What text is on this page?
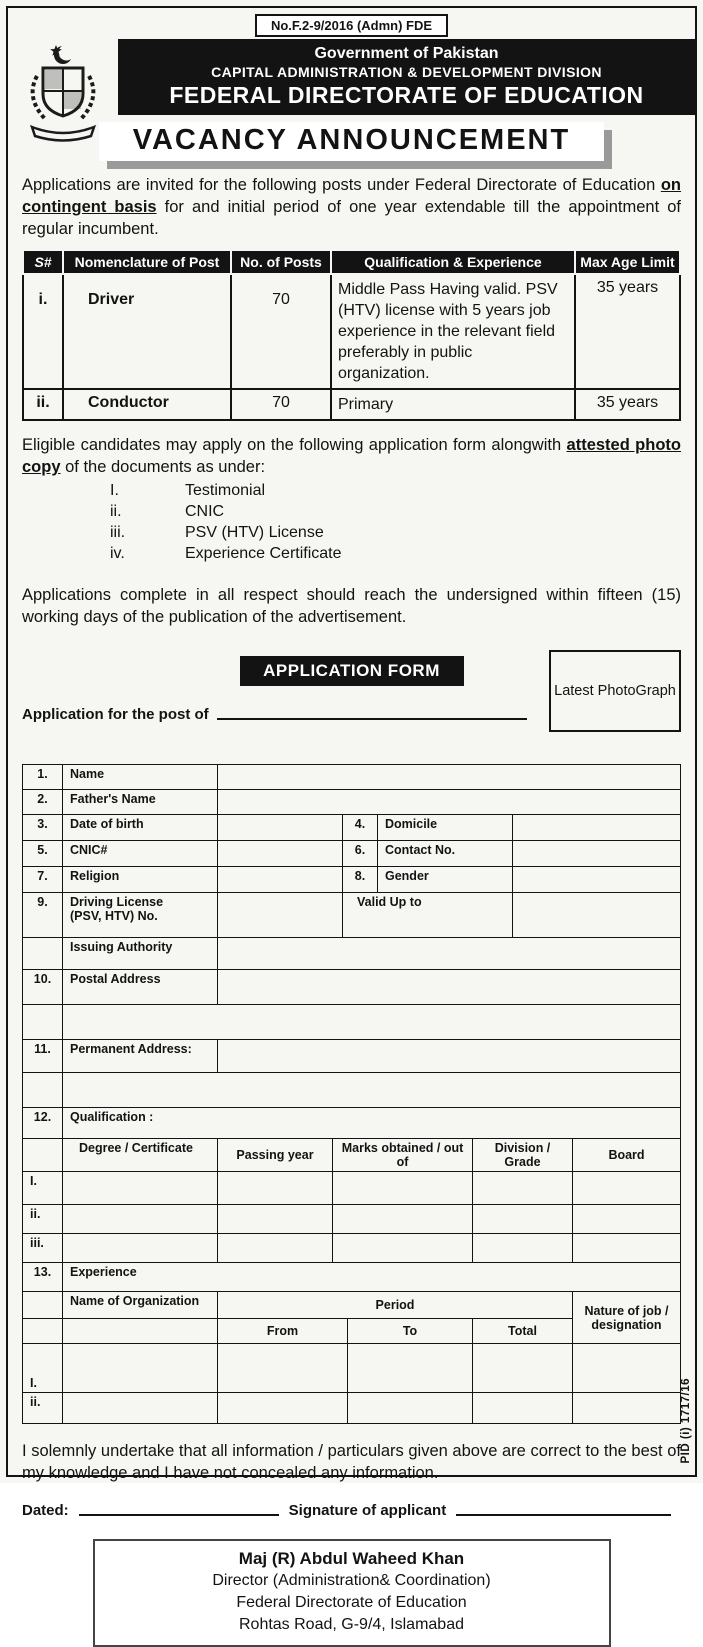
No.F.2-9/2016 (Admn) FDE
Government of Pakistan
CAPITAL ADMINISTRATION & DEVELOPMENT DIVISION
FEDERAL DIRECTORATE OF EDUCATION
VACANCY ANNOUNCEMENT

Applications are invited for the following posts under Federal Directorate of Education on contingent basis for and initial period of one year extendable till the appointment of regular incumbent.

S#	Nomenclature of Post	No. of Posts	Qualification & Experience	Max Age Limit
i.	Driver	70	Middle Pass Having valid. PSV (HTV) license with 5 years job experience in the relevant field preferably in public organization.	35 years
ii.	Conductor	70	Primary	35 years

Eligible candidates may apply on the following application form alongwith attested photo copy of the documents as under:

I.	Testimonial
ii.	CNIC
iii.	PSV (HTV) License
iv.	Experience Certificate

Applications complete in all respect should reach the undersigned within fifteen (15) working days of the publication of the advertisement.

Latest PhotoGraph
APPLICATION FORM
Application for the post of
1.	Name				
2.	Father's Name				
3.	Date of birth		4.	Domicile	
5.	CNIC#		6.	Contact No.	
7.	Religion		8.	Gender	
9.	Driving License
(PSV, HTV) No.		Valid Up to		
	Issuing Authority				
10.	Postal Address				

11.	Permanent Address:				

12.	Qualification :				
	Degree / Certificate	Passing year	Marks obtained / out of	Division / Grade	Board
I.					
ii.					
iii.					
13.	Experience				
	Name of Organization	Period			Nature of job / designation
		From	To	Total	
I.					
ii.					

I solemnly undertake that all information / particulars given above are correct to the best of my knowledge and I have not concealed any information.

Dated:	Signature of applicant
Maj (R) Abdul Waheed Khan
Director (Administration& Coordination)
Federal Directorate of Education
Rohtas Road, G-9/4, Islamabad
PID (i) 1717/16
